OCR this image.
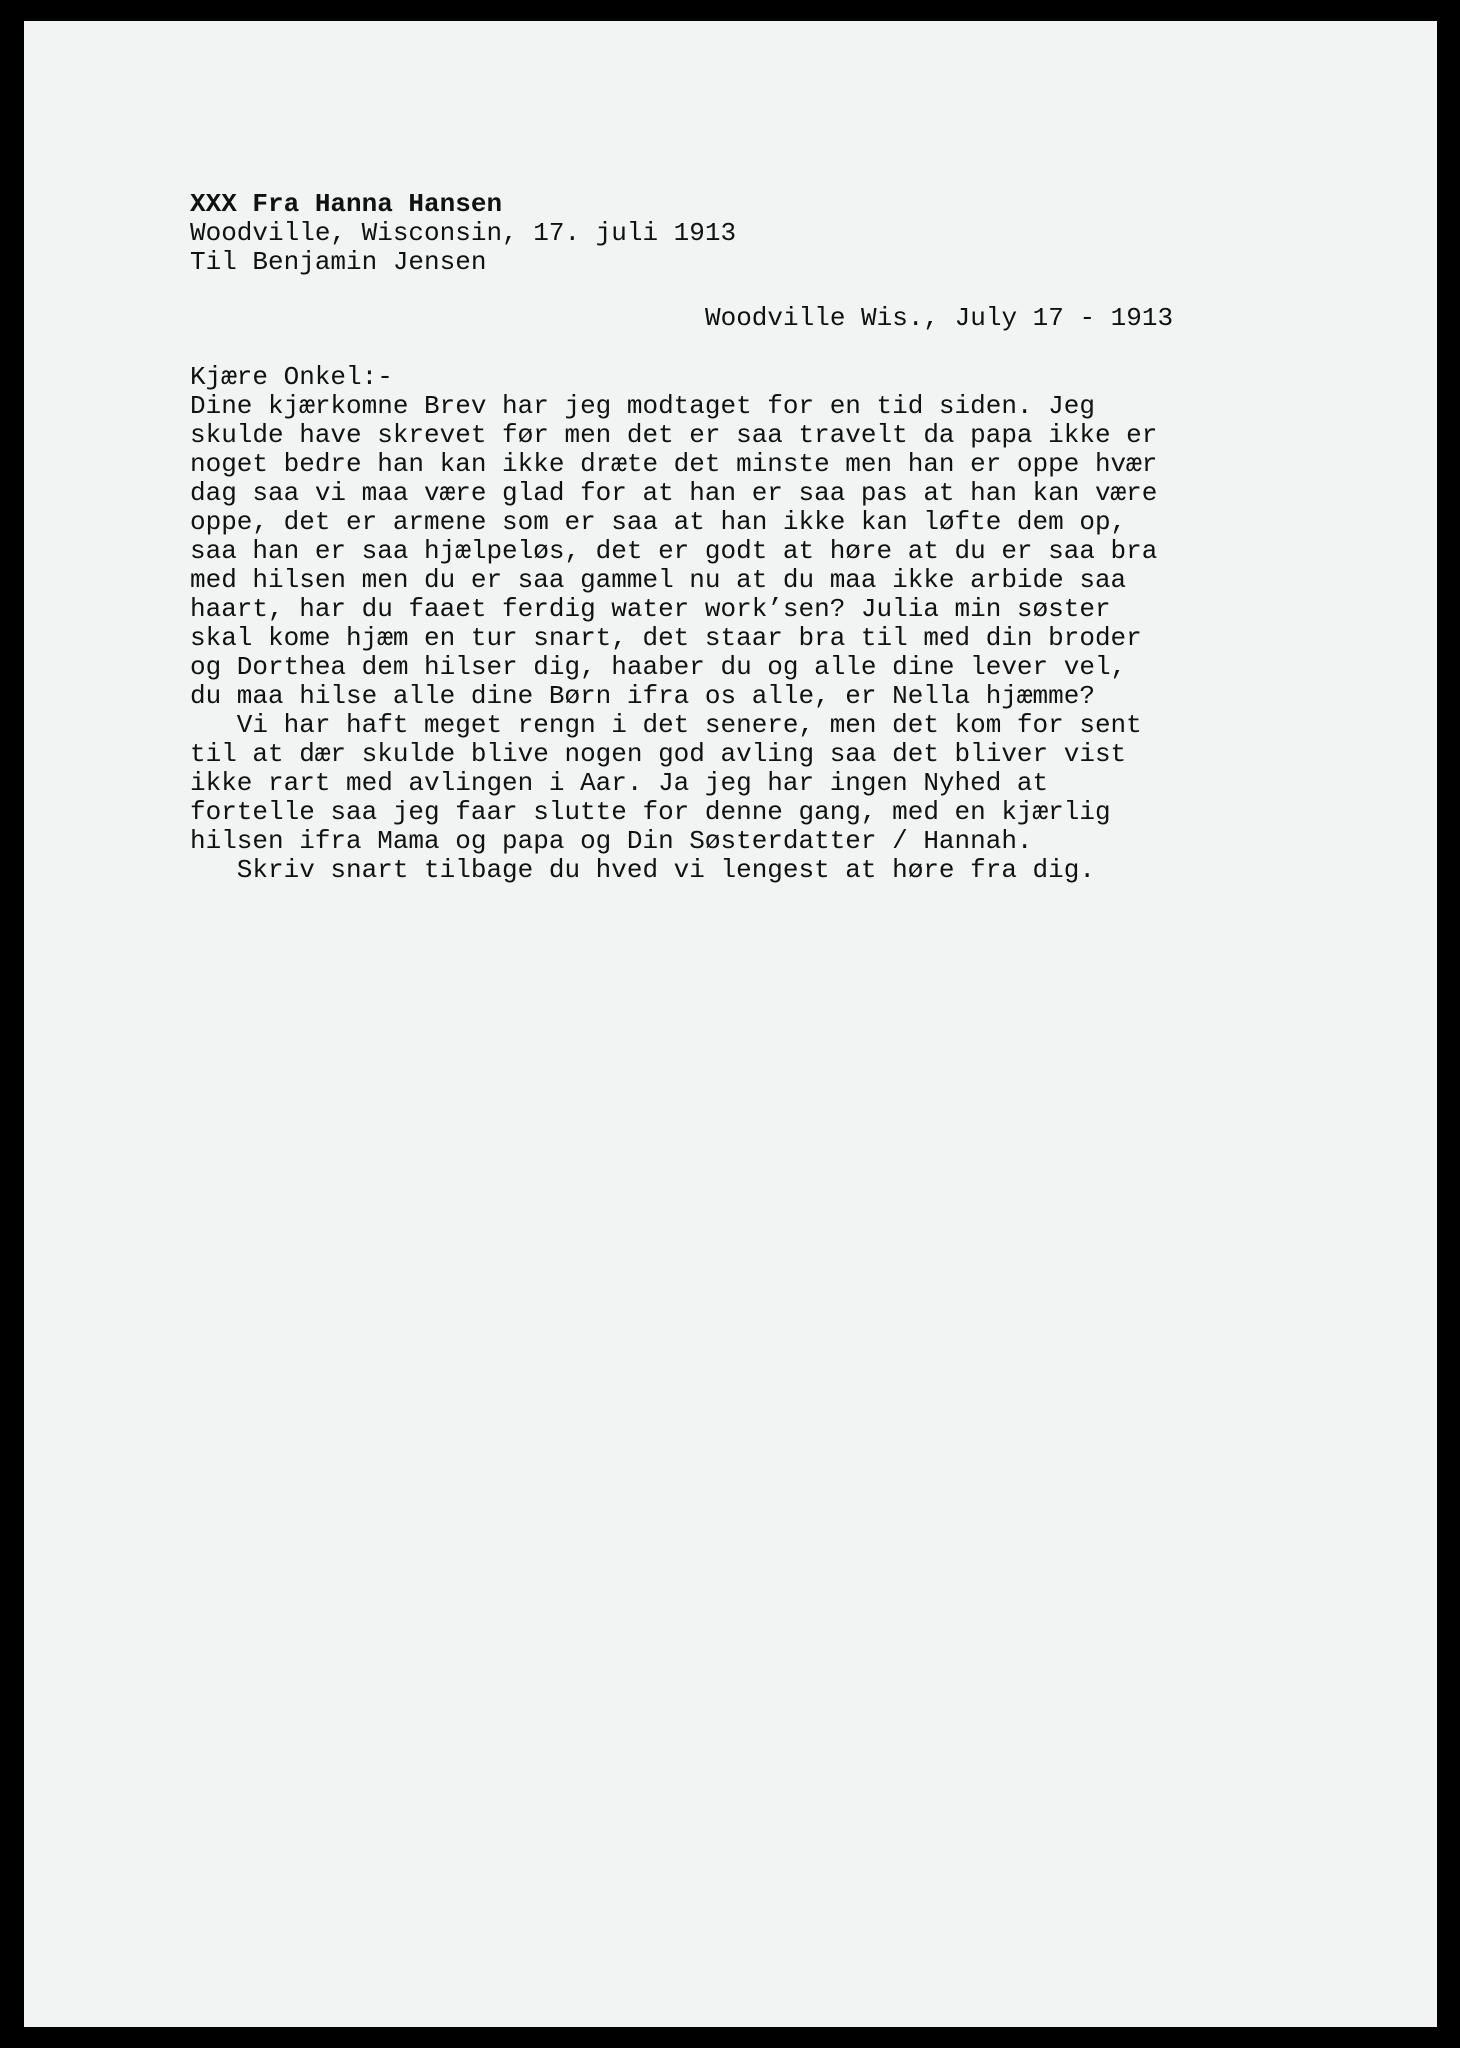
XXX Fra Hanna Hansen

Woodville, Wisconsin, 17. juli 1913

Til Benjamin Jensen

Woodville Wis., July 17 - 1913

Kjære Onkel:-

Dine kjærkomne Brev har jeg modtaget for en tid siden. Jeg

skulde have skrevet før men det er saa travelt da papa ikke er

noget bedre han kan ikke dræte det minste men han er oppe hvær

dag saa vi maa være glad for at han er saa pas at han kan være

oppe, det er armene som er saa at han ikke kan løfte dem op,

saa han er saa hjælpeløs, det er godt at høre at du er saa bra

med hilsen men du er saa gammel nu at du maa ikke arbide saa

haart, har du faaet ferdig water work’sen? Julia min søster

skal kome hjæm en tur snart, det staar bra til med din broder

og Dorthea dem hilser dig, haaber du og alle dine lever vel,

du maa hilse alle dine Børn ifra os alle, er Nella hjæmme?

Vi har haft meget rengn i det senere, men det kom for sent

til at dær skulde blive nogen god avling saa det bliver vist

ikke rart med avlingen i Aar. Ja jeg har ingen Nyhed at

fortelle saa jeg faar slutte for denne gang, med en kjærlig

hilsen ifra Mama og papa og Din Søsterdatter / Hannah.

Skriv snart tilbage du hved vi lengest at høre fra dig.
